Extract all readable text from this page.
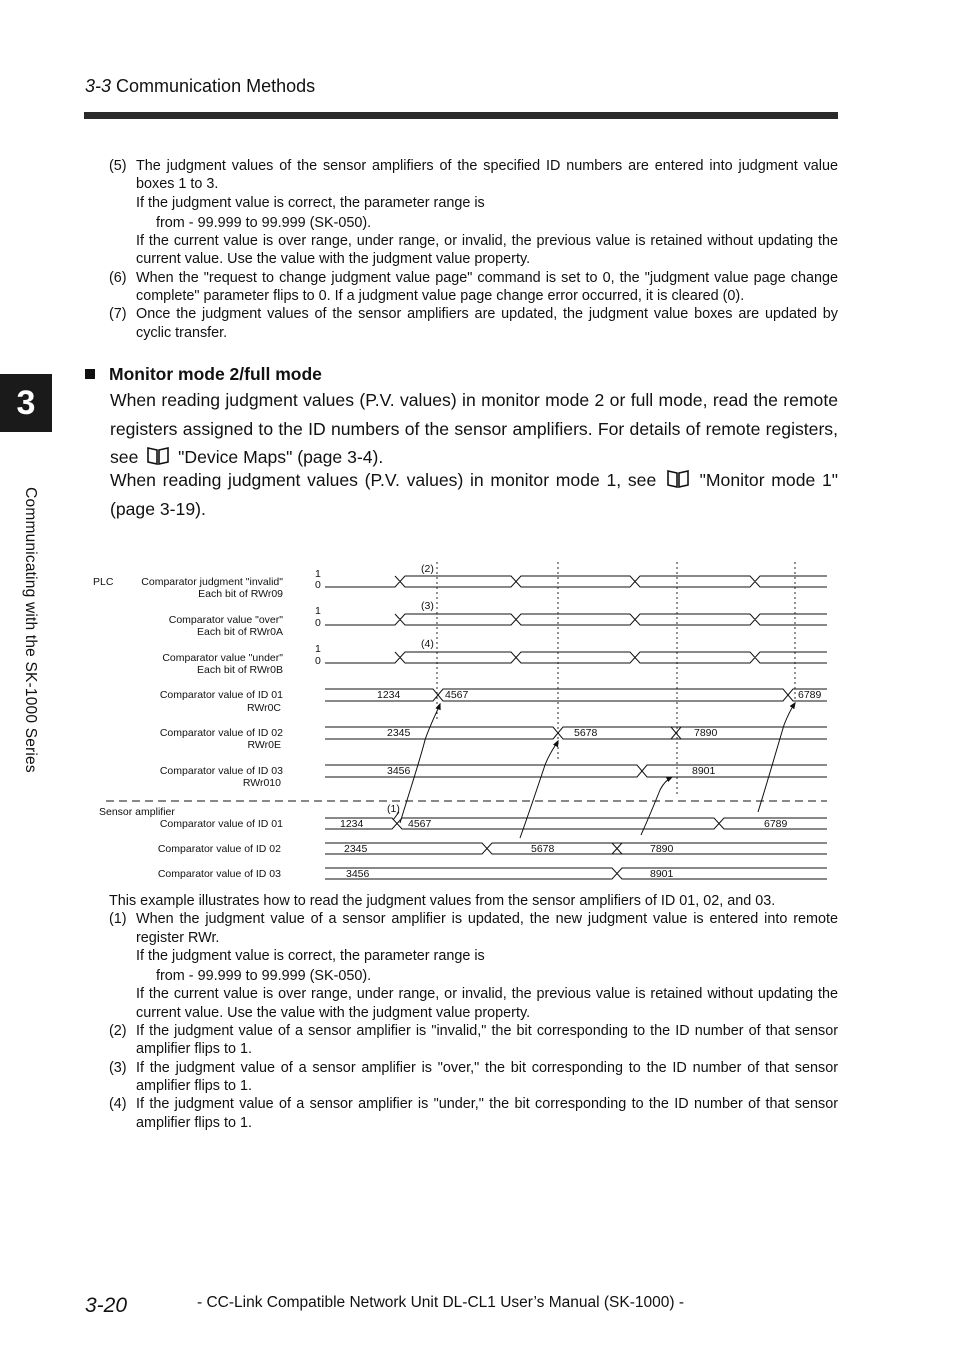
3-3 Communication Methods
3
Communicating with the SK-1000 Series
(5) The judgment values of the sensor amplifiers of the specified ID numbers are entered into judgment value boxes 1 to 3.
If the judgment value is correct, the parameter range is
from - 99.999 to 99.999 (SK-050).
If the current value is over range, under range, or invalid, the previous value is retained without updating the current value. Use the value with the judgment value property.
(6) When the "request to change judgment value page" command is set to 0, the "judgment value page change complete" parameter flips to 0. If a judgment value page change error occurred, it is cleared (0).
(7) Once the judgment values of the sensor amplifiers are updated, the judgment value boxes are updated by cyclic transfer.
Monitor mode 2/full mode
When reading judgment values (P.V. values) in monitor mode 2 or full mode, read the remote registers assigned to the ID numbers of the sensor amplifiers. For details of remote registers, see "Device Maps" (page 3-4).
When reading judgment values (P.V. values) in monitor mode 1, see "Monitor mode 1" (page 3-19).
PLC
Sensor amplifier
Comparator judgment "invalid"
Each bit of RWr09
Comparator value "over"
Each bit of RWr0A
Comparator value "under"
Each bit of RWr0B
Comparator value of ID 01
RWr0C
Comparator value of ID 02
RWr0E
Comparator value of ID 03
RWr010
Comparator value of ID 01
Comparator value of ID 02
Comparator value of ID 03
1
0
1
0
1
0
(2)
(3)
(4)
(1)
1234	4567	6789
2345	5678	7890
3456	8901
1234	4567	6789
2345	5678	7890
3456	8901
This example illustrates how to read the judgment values from the sensor amplifiers of ID 01, 02, and 03.
(1) When the judgment value of a sensor amplifier is updated, the new judgment value is entered into remote register RWr.
If the judgment value is correct, the parameter range is
from - 99.999 to 99.999 (SK-050).
If the current value is over range, under range, or invalid, the previous value is retained without updating the current value. Use the value with the judgment value property.
(2) If the judgment value of a sensor amplifier is "invalid," the bit corresponding to the ID number of that sensor amplifier flips to 1.
(3) If the judgment value of a sensor amplifier is "over," the bit corresponding to the ID number of that sensor amplifier flips to 1.
(4) If the judgment value of a sensor amplifier is "under," the bit corresponding to the ID number of that sensor amplifier flips to 1.
3-20	- CC-Link Compatible Network Unit DL-CL1 User’s Manual (SK-1000) -
